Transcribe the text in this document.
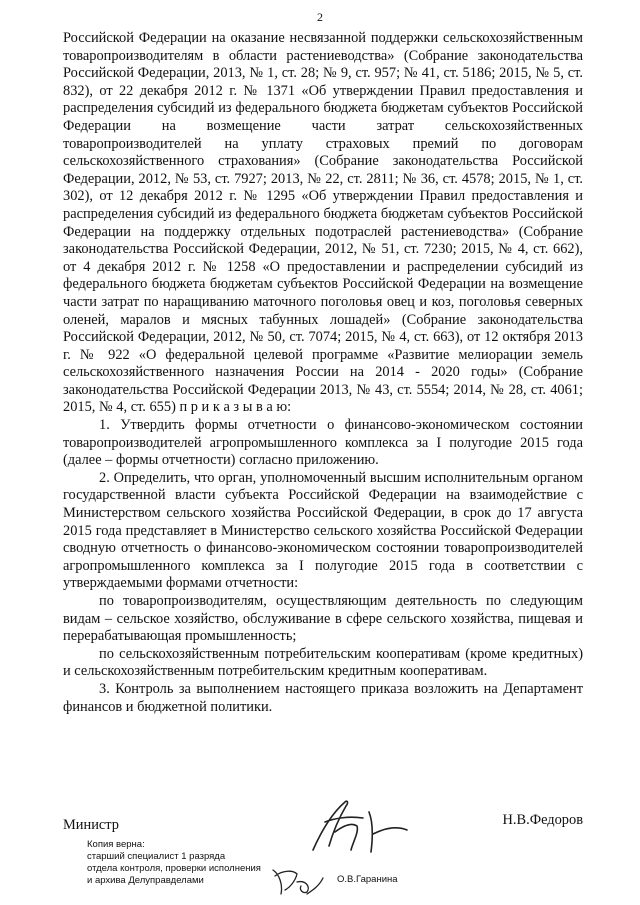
2

Российской Федерации на оказание несвязанной поддержки сельскохозяйственным товаропроизводителям в области растениеводства» (Собрание законодательства Российской Федерации, 2013, № 1, ст. 28; № 9, ст. 957; № 41, ст. 5186; 2015, № 5, ст. 832), от 22 декабря 2012 г. № 1371 «Об утверждении Правил предоставления и распределения субсидий из федерального бюджета бюджетам субъектов Российской Федерации на возмещение части затрат сельскохозяйственных товаропроизводителей на уплату страховых премий по договорам сельскохозяйственного страхования» (Собрание законодательства Российской Федерации, 2012, № 53, ст. 7927; 2013, № 22, ст. 2811; № 36, ст. 4578; 2015, № 1, ст. 302), от 12 декабря 2012 г. № 1295 «Об утверждении Правил предоставления и распределения субсидий из федерального бюджета бюджетам субъектов Российской Федерации на поддержку отдельных подотраслей растениеводства» (Собрание законодательства Российской Федерации, 2012, № 51, ст. 7230; 2015, № 4, ст. 662), от 4 декабря 2012 г. № 1258 «О предоставлении и распределении субсидий из федерального бюджета бюджетам субъектов Российской Федерации на возмещение части затрат по наращиванию маточного поголовья овец и коз, поголовья северных оленей, маралов и мясных табунных лошадей» (Собрание законодательства Российской Федерации, 2012, № 50, ст. 7074; 2015, № 4, ст. 663), от 12 октября 2013 г. № 922 «О федеральной целевой программе «Развитие мелиорации земель сельскохозяйственного назначения России на 2014 - 2020 годы» (Собрание законодательства Российской Федерации 2013, № 43, ст. 5554; 2014, № 28, ст. 4061; 2015, № 4, ст. 655) п р и к а з ы в а ю:

1. Утвердить формы отчетности о финансово-экономическом состоянии товаропроизводителей агропромышленного комплекса за I полугодие 2015 года (далее – формы отчетности) согласно приложению.

2. Определить, что орган, уполномоченный высшим исполнительным органом государственной власти субъекта Российской Федерации на взаимодействие с Министерством сельского хозяйства Российской Федерации, в срок до 17 августа 2015 года представляет в Министерство сельского хозяйства Российской Федерации сводную отчетность о финансово-экономическом состоянии товаропроизводителей агропромышленного комплекса за I полугодие 2015 года в соответствии с утверждаемыми формами отчетности:

по товаропроизводителям, осуществляющим деятельность по следующим видам – сельское хозяйство, обслуживание в сфере сельского хозяйства, пищевая и перерабатывающая промышленность;

по сельскохозяйственным потребительским кооперативам (кроме кредитных) и сельскохозяйственным потребительским кредитным кооперативам.

3. Контроль за выполнением настоящего приказа возложить на Департамент финансов и бюджетной политики.

Министр	Н.В.Федоров
Копия верна:
старший специалист 1 разряда
отдела контроля, проверки исполнения
и архива Делуправделами	О.В.Гаранина
